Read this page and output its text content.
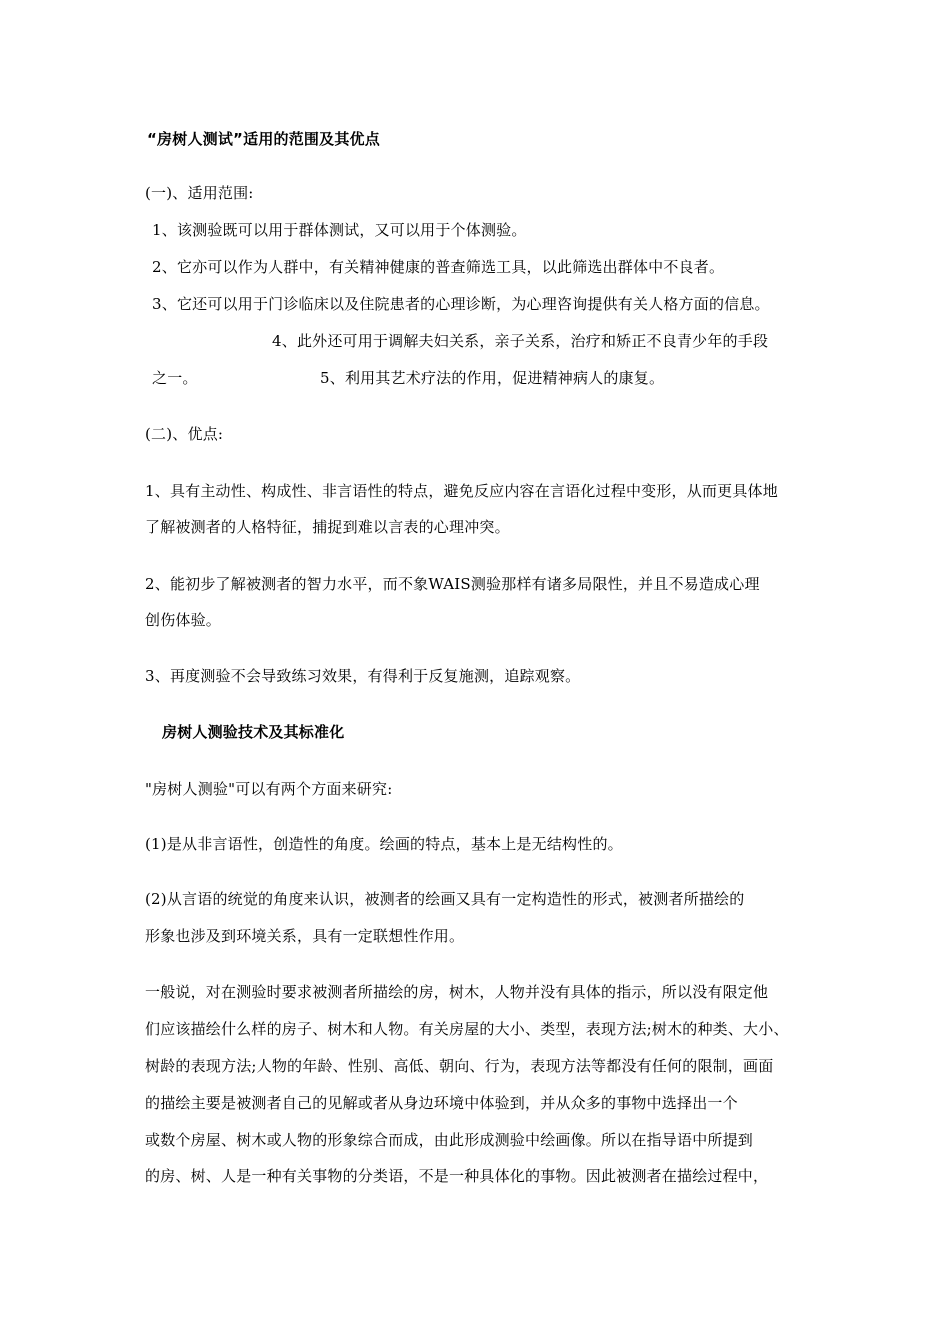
“房树人测试”适用的范围及其优点
(一)、适用范围:
1、该测验既可以用于群体测试，又可以用于个体测验。
2、它亦可以作为人群中，有关精神健康的普查筛选工具，以此筛选出群体中不良者。
3、它还可以用于门诊临床以及住院患者的心理诊断，为心理咨询提供有关人格方面的信息。
4、此外还可用于调解夫妇关系，亲子关系，治疗和矫正不良青少年的手段
之一。	5、利用其艺术疗法的作用，促进精神病人的康复。
(二)、优点:
1、具有主动性、构成性、非言语性的特点，避免反应内容在言语化过程中变形，从而更具体地
了解被测者的人格特征，捕捉到难以言表的心理冲突。
2、能初步了解被测者的智力水平，而不象WAIS测验那样有诸多局限性，并且不易造成心理
创伤体验。
3、再度测验不会导致练习效果，有得利于反复施测，追踪观察。
房树人测验技术及其标准化
"房树人测验"可以有两个方面来研究:
(1)是从非言语性，创造性的角度。绘画的特点，基本上是无结构性的。
(2)从言语的统觉的角度来认识，被测者的绘画又具有一定构造性的形式，被测者所描绘的
形象也涉及到环境关系，具有一定联想性作用。
一般说，对在测验时要求被测者所描绘的房，树木，人物并没有具体的指示，所以没有限定他
们应该描绘什么样的房子、树木和人物。有关房屋的大小、类型，表现方法;树木的种类、大小、
树龄的表现方法;人物的年龄、性别、高低、朝向、行为，表现方法等都没有任何的限制，画面
的描绘主要是被测者自己的见解或者从身边环境中体验到，并从众多的事物中选择出一个
或数个房屋、树木或人物的形象综合而成，由此形成测验中绘画像。所以在指导语中所提到
的房、树、人是一种有关事物的分类语，不是一种具体化的事物。因此被测者在描绘过程中，
